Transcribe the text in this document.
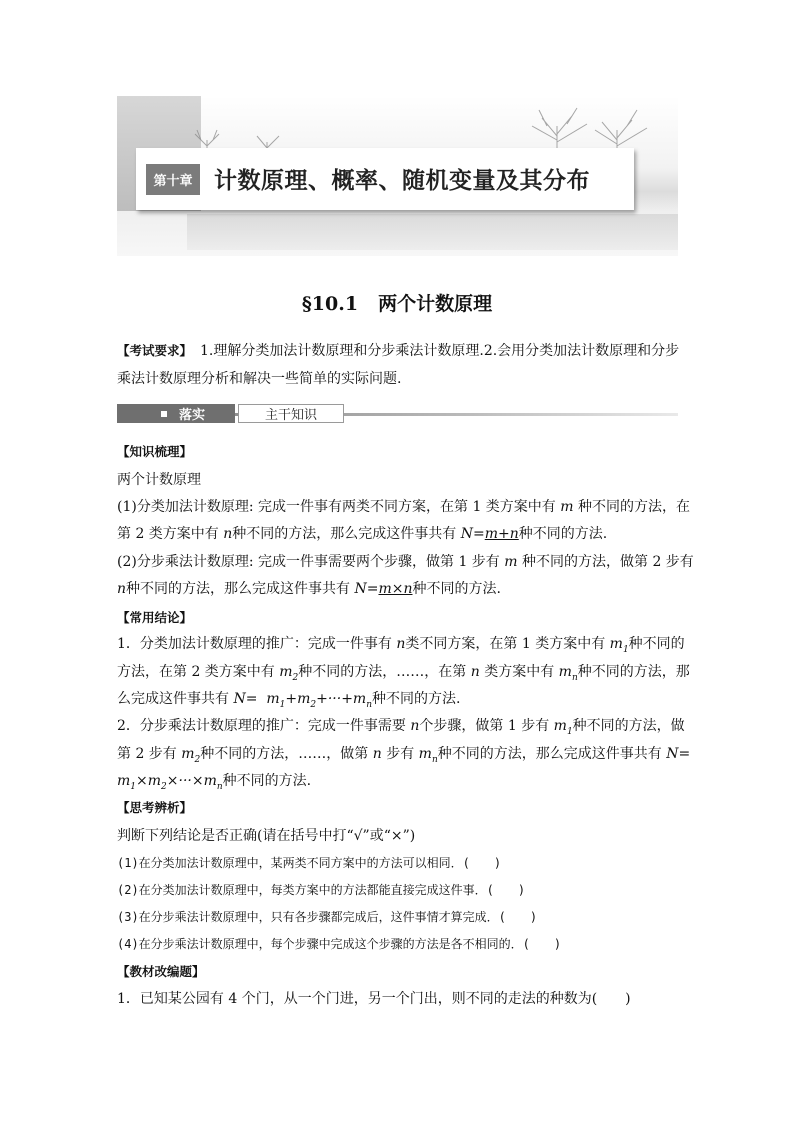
第十章 计数原理、概率、随机变量及其分布
§10.1 两个计数原理
【考试要求】 1.理解分类加法计数原理和分步乘法计数原理.2.会用分类加法计数原理和分步
乘法计数原理分析和解决一些简单的实际问题.
落实	主干知识
【知识梳理】
两个计数原理
(1)分类加法计数原理: 完成一件事有两类不同方案，在第 1 类方案中有 m 种不同的方法，在
第 2 类方案中有 n种不同的方法，那么完成这件事共有 N=m+n种不同的方法.
(2)分步乘法计数原理: 完成一件事需要两个步骤，做第 1 步有 m 种不同的方法，做第 2 步有
n种不同的方法，那么完成这件事共有 N=m×n种不同的方法.
【常用结论】
1．分类加法计数原理的推广：完成一件事有 n类不同方案，在第 1 类方案中有 $m_1$种不同的
方法，在第 2 类方案中有 $m_2$种不同的方法，……，在第 n 类方案中有 $m_n$种不同的方法，那
么完成这件事共有 $N= m_1+m_2+\cdot\cdot\cdot+m_n$种不同的方法.
2．分步乘法计数原理的推广：完成一件事需要 n个步骤，做第 1 步有 $m_1$种不同的方法，做
第 2 步有 $m_2$种不同的方法，……，做第 n 步有 $m_n$种不同的方法，那么完成这件事共有 N=
$m_1\times m_2\times\cdot\cdot\cdot\times m_n$种不同的方法.
【思考辨析】
判断下列结论是否正确(请在括号中打“√”或“×”)
(1)在分类加法计数原理中，某两类不同方案中的方法可以相同．(　　)
(2)在分类加法计数原理中，每类方案中的方法都能直接完成这件事．(　　)
(3)在分步乘法计数原理中，只有各步骤都完成后，这件事情才算完成．(　　)
(4)在分步乘法计数原理中，每个步骤中完成这个步骤的方法是各不相同的．(　　)
【教材改编题】
1．已知某公园有 4 个门，从一个门进，另一个门出，则不同的走法的种数为(　　)
